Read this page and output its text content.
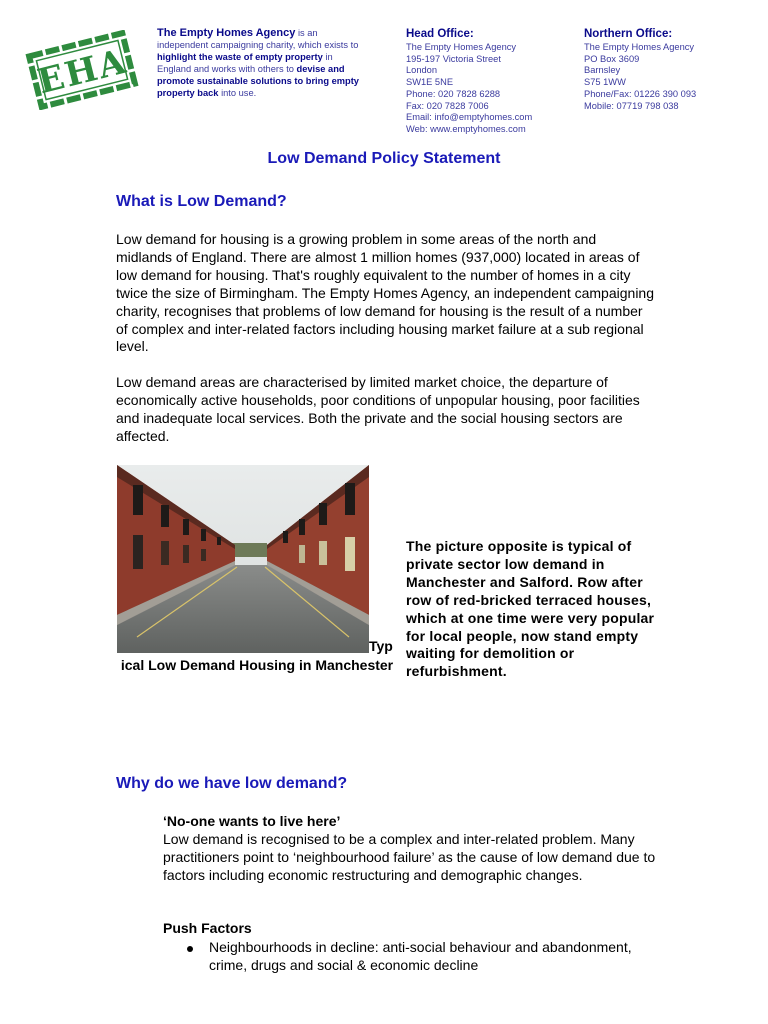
EHA
The Empty Homes Agency is an independent campaigning charity, which exists to highlight the waste of empty property in England and works with others to devise and promote sustainable solutions to bring empty property back into use.
Head Office:
The Empty Homes Agency
195-197 Victoria Street
London
SW1E 5NE
Phone: 020 7828 6288
Fax: 020 7828 7006
Email: info@emptyhomes.com
Web: www.emptyhomes.com
Northern Office:
The Empty Homes Agency
PO Box 3609
Barnsley
S75 1WW
Phone/Fax: 01226 390 093
Mobile: 07719 798 038
Low Demand Policy Statement
What is Low Demand?
Low demand for housing is a growing problem in some areas of the north and midlands of England. There are almost 1 million homes (937,000) located in areas of low demand for housing. That's roughly equivalent to the number of homes in a city twice the size of Birmingham. The Empty Homes Agency, an independent campaigning charity, recognises that problems of low demand for housing is the result of a number of complex and inter-related factors including housing market failure at a sub regional level.
Low demand areas are characterised by limited market choice, the departure of economically active households, poor conditions of unpopular housing, poor facilities and inadequate local services. Both the private and the social housing sectors are affected.
Typ
ical Low Demand Housing in Manchester
The picture opposite is typical of private sector low demand in Manchester and Salford. Row after row of red-bricked terraced houses, which at one time were very popular for local people, now stand empty waiting for demolition or refurbishment.
Why do we have low demand?
‘No-one wants to live here’
Low demand is recognised to be a complex and inter-related problem. Many practitioners point to ‘neighbourhood failure’ as the cause of low demand due to factors including economic restructuring and demographic changes.
Push Factors
Neighbourhoods in decline: anti-social behaviour and abandonment, crime, drugs and social & economic decline
